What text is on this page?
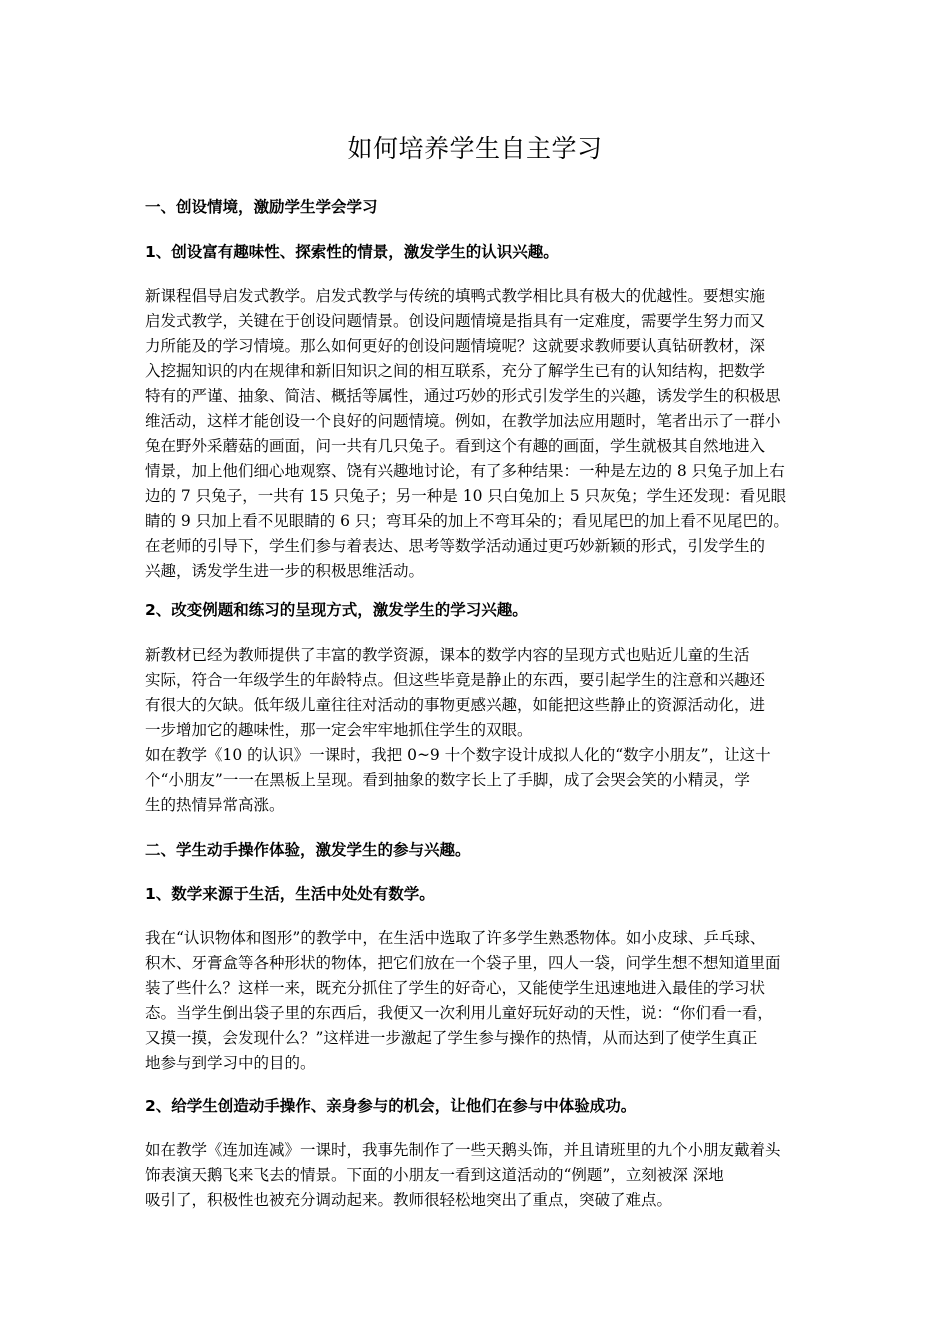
如何培养学生自主学习
一、创设情境，激励学生学会学习
1、创设富有趣味性、探索性的情景，激发学生的认识兴趣。
新课程倡导启发式教学。启发式教学与传统的填鸭式教学相比具有极大的优越性。要想实施
启发式教学，关键在于创设问题情景。创设问题情境是指具有一定难度，需要学生努力而又
力所能及的学习情境。那么如何更好的创设问题情境呢？这就要求教师要认真钻研教材，深
入挖掘知识的内在规律和新旧知识之间的相互联系，充分了解学生已有的认知结构，把数学
特有的严谨、抽象、简洁、概括等属性，通过巧妙的形式引发学生的兴趣，诱发学生的积极思
维活动，这样才能创设一个良好的问题情境。例如，在教学加法应用题时，笔者出示了一群小
兔在野外采蘑菇的画面，问一共有几只兔子。看到这个有趣的画面，学生就极其自然地进入
情景，加上他们细心地观察、饶有兴趣地讨论，有了多种结果：一种是左边的 8 只兔子加上右
边的 7 只兔子，一共有 15 只兔子；另一种是 10 只白兔加上 5 只灰兔；学生还发现：看见眼
睛的 9 只加上看不见眼睛的 6 只；弯耳朵的加上不弯耳朵的；看见尾巴的加上看不见尾巴的。
在老师的引导下，学生们参与着表达、思考等数学活动通过更巧妙新颖的形式，引发学生的
兴趣，诱发学生进一步的积极思维活动。
2、改变例题和练习的呈现方式，激发学生的学习兴趣。
新教材已经为教师提供了丰富的教学资源，课本的数学内容的呈现方式也贴近儿童的生活
实际，符合一年级学生的年龄特点。但这些毕竟是静止的东西，要引起学生的注意和兴趣还
有很大的欠缺。低年级儿童往往对活动的事物更感兴趣，如能把这些静止的资源活动化，进
一步增加它的趣味性，那一定会牢牢地抓住学生的双眼。
如在教学《10 的认识》一课时，我把 0~9 十个数字设计成拟人化的“数字小朋友”，让这十
个“小朋友”一一在黑板上呈现。看到抽象的数字长上了手脚，成了会哭会笑的小精灵，学
生的热情异常高涨。
二、学生动手操作体验，激发学生的参与兴趣。
1、数学来源于生活，生活中处处有数学。
我在“认识物体和图形”的教学中，在生活中选取了许多学生熟悉物体。如小皮球、乒乓球、
积木、牙膏盒等各种形状的物体，把它们放在一个袋子里，四人一袋，问学生想不想知道里面
装了些什么？这样一来，既充分抓住了学生的好奇心，又能使学生迅速地进入最佳的学习状
态。当学生倒出袋子里的东西后，我便又一次利用儿童好玩好动的天性，说：“你们看一看，
又摸一摸，会发现什么？”这样进一步激起了学生参与操作的热情，从而达到了使学生真正
地参与到学习中的目的。
2、给学生创造动手操作、亲身参与的机会，让他们在参与中体验成功。
如在教学《连加连减》一课时，我事先制作了一些天鹅头饰，并且请班里的九个小朋友戴着头
饰表演天鹅飞来飞去的情景。下面的小朋友一看到这道活动的“例题”，立刻被深 深地
吸引了，积极性也被充分调动起来。教师很轻松地突出了重点，突破了难点。
